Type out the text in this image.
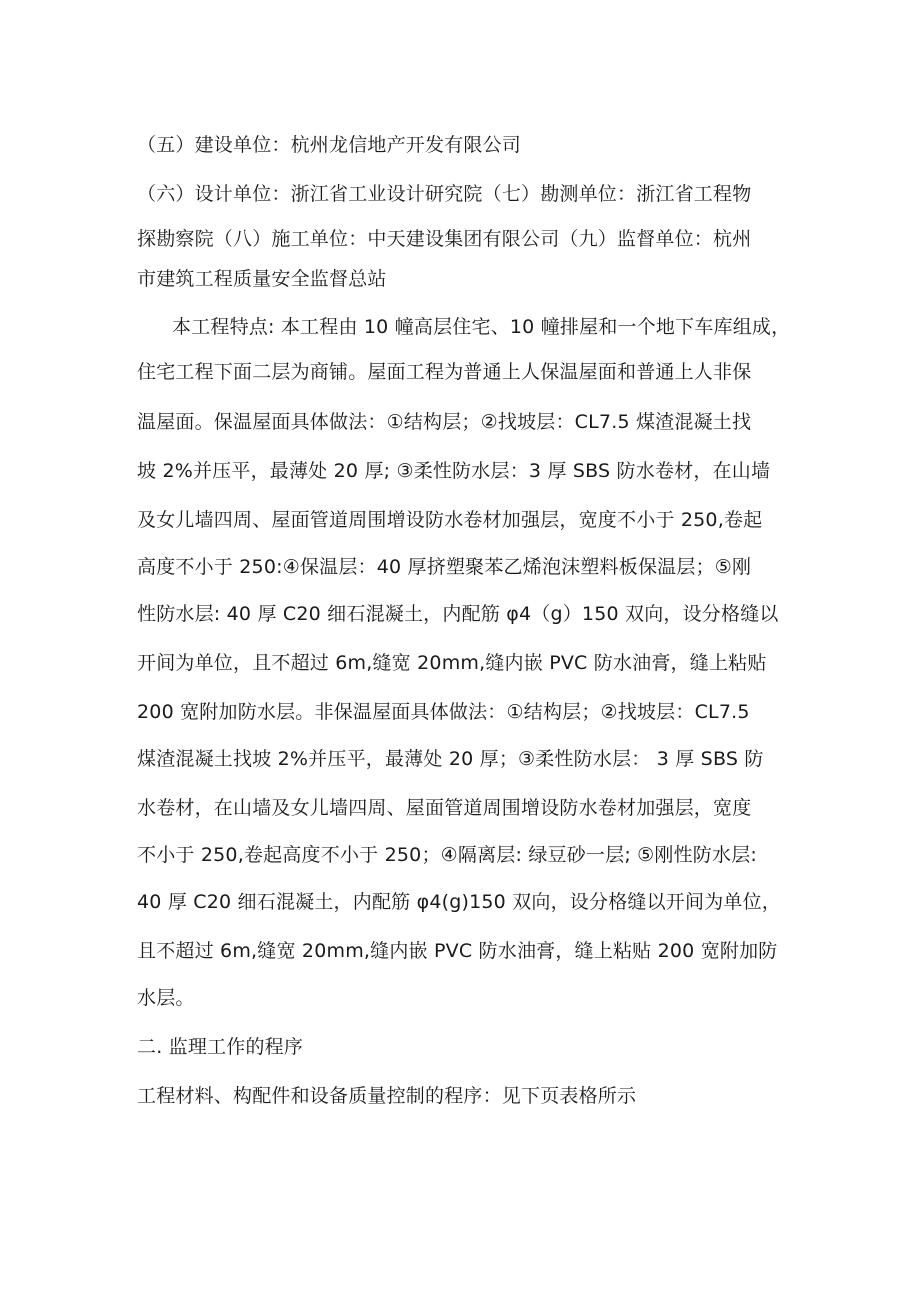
（五）建设单位：杭州龙信地产开发有限公司
（六）设计单位：浙江省工业设计研究院（七）勘测单位：浙江省工程物
探勘察院（八）施工单位：中天建设集团有限公司（九）监督单位：杭州
市建筑工程质量安全监督总站
本工程特点: 本工程由 10 幢高层住宅、10 幢排屋和一个地下车库组成，
住宅工程下面二层为商铺。屋面工程为普通上人保温屋面和普通上人非保
温屋面。保温屋面具体做法：①结构层；②找坡层：CL7.5 煤渣混凝土找
坡 2%并压平，最薄处 20 厚; ③柔性防水层：3 厚 SBS 防水卷材，在山墙
及女儿墙四周、屋面管道周围增设防水卷材加强层，宽度不小于 250,卷起
高度不小于 250:④保温层：40 厚挤塑聚苯乙烯泡沫塑料板保温层；⑤刚
性防水层: 40 厚 C20 细石混凝土，内配筋 φ4（g）150 双向，设分格缝以
开间为单位，且不超过 6m,缝宽 20mm,缝内嵌 PVC 防水油膏，缝上粘贴
200 宽附加防水层。非保温屋面具体做法：①结构层；②找坡层：CL7.5
煤渣混凝土找坡 2%并压平，最薄处 20 厚；③柔性防水层： 3 厚 SBS 防
水卷材，在山墙及女儿墙四周、屋面管道周围增设防水卷材加强层，宽度
不小于 250,卷起高度不小于 250；④隔离层: 绿豆砂一层; ⑤刚性防水层:
40 厚 C20 细石混凝土，内配筋 φ4(g)150 双向，设分格缝以开间为单位，
且不超过 6m,缝宽 20mm,缝内嵌 PVC 防水油膏，缝上粘贴 200 宽附加防
水层。
二. 监理工作的程序
工程材料、构配件和设备质量控制的程序：见下页表格所示
